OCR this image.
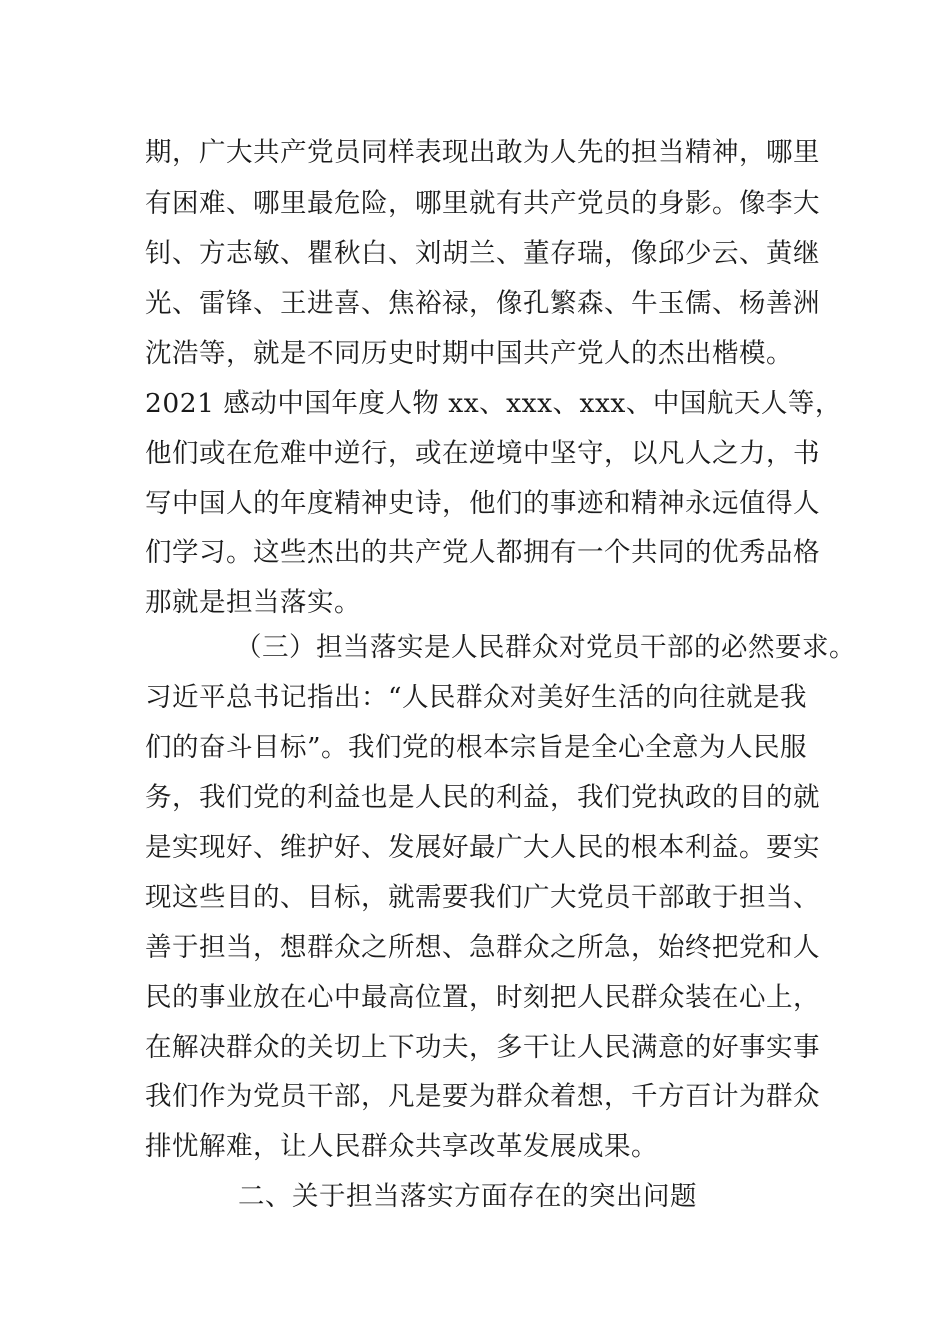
期，广大共产党员同样表现出敢为人先的担当精神，哪里
有困难、哪里最危险，哪里就有共产党员的身影。像李大
钊、方志敏、瞿秋白、刘胡兰、董存瑞，像邱少云、黄继
光、雷锋、王进喜、焦裕禄，像孔繁森、牛玉儒、杨善洲
沈浩等，就是不同历史时期中国共产党人的杰出楷模。
2021 感动中国年度人物 xx、xxx、xxx、中国航天人等，
他们或在危难中逆行，或在逆境中坚守，以凡人之力，书
写中国人的年度精神史诗，他们的事迹和精神永远值得人
们学习。这些杰出的共产党人都拥有一个共同的优秀品格
那就是担当落实。
（三）担当落实是人民群众对党员干部的必然要求。
习近平总书记指出：“人民群众对美好生活的向往就是我
们的奋斗目标”。我们党的根本宗旨是全心全意为人民服
务，我们党的利益也是人民的利益，我们党执政的目的就
是实现好、维护好、发展好最广大人民的根本利益。要实
现这些目的、目标，就需要我们广大党员干部敢于担当、
善于担当，想群众之所想、急群众之所急，始终把党和人
民的事业放在心中最高位置，时刻把人民群众装在心上，
在解决群众的关切上下功夫，多干让人民满意的好事实事
我们作为党员干部，凡是要为群众着想，千方百计为群众
排忧解难，让人民群众共享改革发展成果。
二、关于担当落实方面存在的突出问题
